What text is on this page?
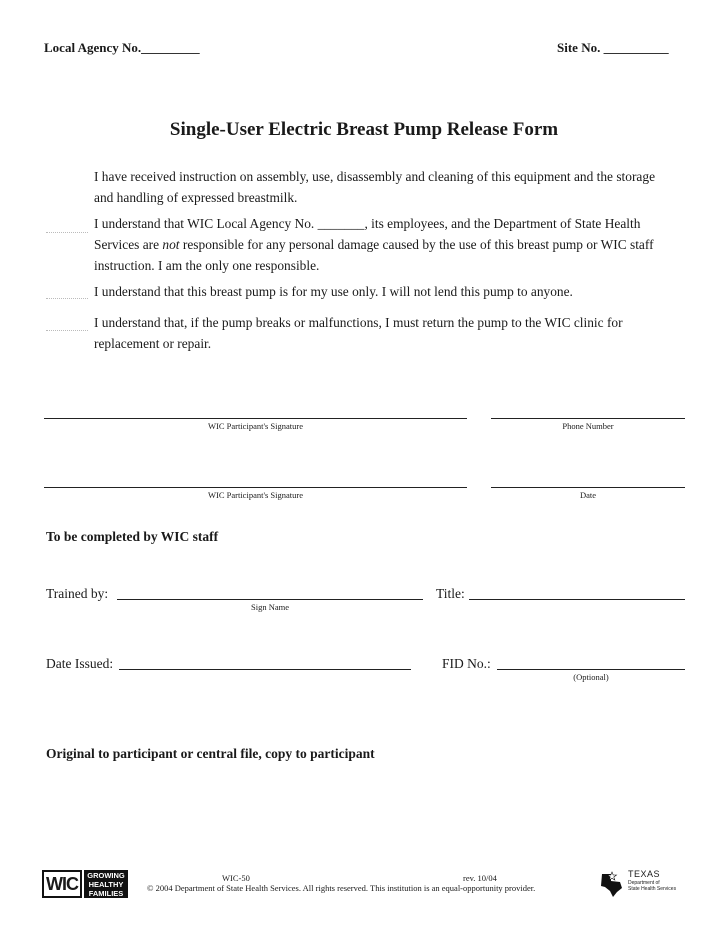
Local Agency No._________	Site No. __________
Single-User Electric Breast Pump Release Form
I have received instruction on assembly, use, disassembly and cleaning of this equipment and the storage and handling of expressed breastmilk.
I understand that WIC Local Agency No. _______, its employees, and the Department of State Health Services are not responsible for any personal damage caused by the use of this breast pump or WIC staff instruction. I am the only one responsible.
I understand that this breast pump is for my use only. I will not lend this pump to anyone.
I understand that, if the pump breaks or malfunctions, I must return the pump to the WIC clinic for replacement or repair.
WIC Participant's Signature	Phone Number
WIC Participant's Signature	Date
To be completed by WIC staff
Trained by:
Sign Name
Title:
Date Issued:	FID No.:
(Optional)
Original to participant or central file, copy to participant
WIC	GROWING
HEALTHY
FAMILIES
WIC-50	rev. 10/04
© 2004 Department of State Health Services. All rights reserved. This institution is an equal-opportunity provider.
TEXAS
Department of
State Health Services
